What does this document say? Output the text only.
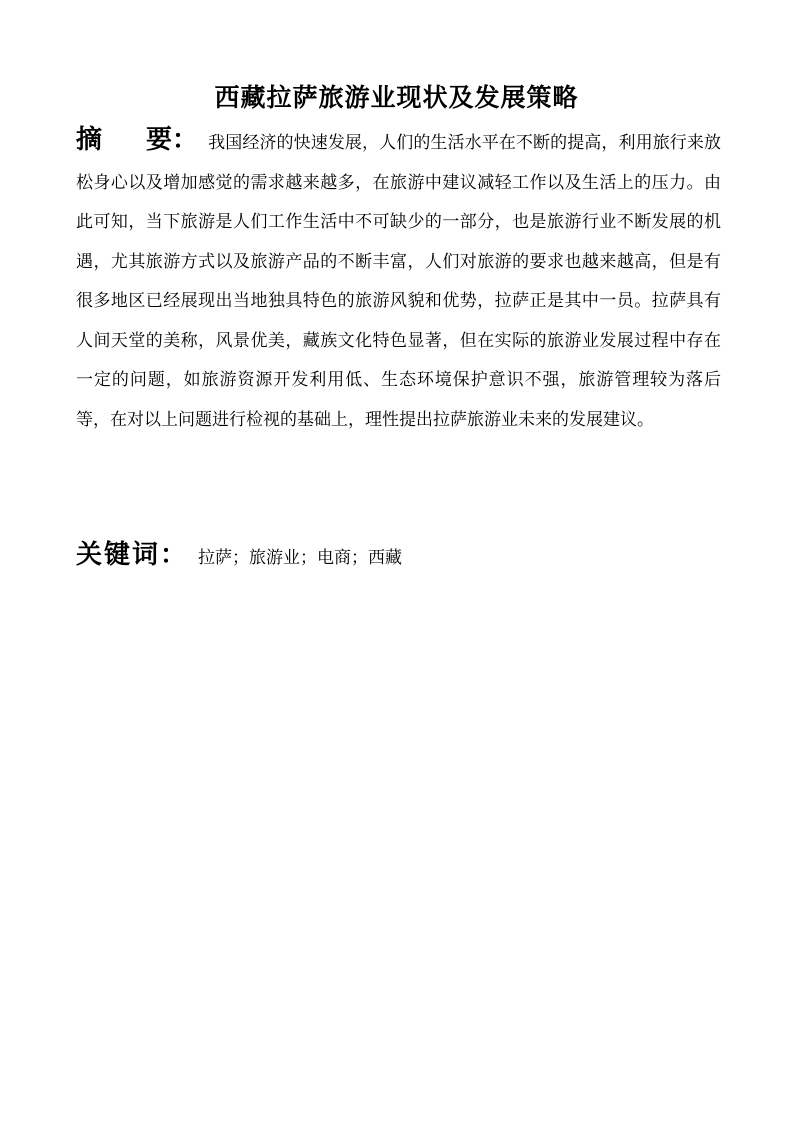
西藏拉萨旅游业现状及发展策略
摘 要： 我国经济的快速发展，人们的生活水平在不断的提高，利用旅行来放松身心以及增加感觉的需求越来越多，在旅游中建议减轻工作以及生活上的压力。由此可知，当下旅游是人们工作生活中不可缺少的一部分，也是旅游行业不断发展的机遇，尤其旅游方式以及旅游产品的不断丰富，人们对旅游的要求也越来越高，但是有很多地区已经展现出当地独具特色的旅游风貌和优势，拉萨正是其中一员。拉萨具有人间天堂的美称，风景优美，藏族文化特色显著，但在实际的旅游业发展过程中存在一定的问题，如旅游资源开发利用低、生态环境保护意识不强，旅游管理较为落后等，在对以上问题进行检视的基础上，理性提出拉萨旅游业未来的发展建议。
关键词： 拉萨；旅游业；电商；西藏
